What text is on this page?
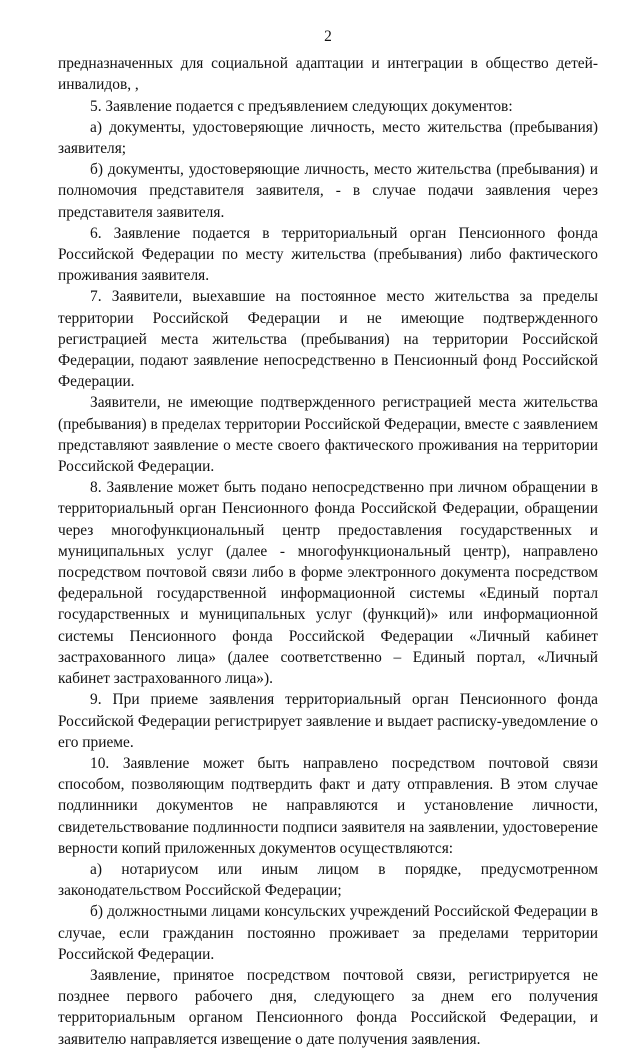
2

предназначенных для социальной адаптации и интеграции в общество детей-инвалидов, ,

5. Заявление подается с предъявлением следующих документов:

а) документы, удостоверяющие личность, место жительства (пребывания) заявителя;

б) документы, удостоверяющие личность, место жительства (пребывания) и полномочия представителя заявителя, - в случае подачи заявления через представителя заявителя.

6. Заявление подается в территориальный орган Пенсионного фонда Российской Федерации по месту жительства (пребывания) либо фактического проживания заявителя.

7. Заявители, выехавшие на постоянное место жительства за пределы территории Российской Федерации и не имеющие подтвержденного регистрацией места жительства (пребывания) на территории Российской Федерации, подают заявление непосредственно в Пенсионный фонд Российской Федерации.

Заявители, не имеющие подтвержденного регистрацией места жительства (пребывания) в пределах территории Российской Федерации, вместе с заявлением представляют заявление о месте своего фактического проживания на территории Российской Федерации.

8. Заявление может быть подано непосредственно при личном обращении в территориальный орган Пенсионного фонда Российской Федерации, обращении через многофункциональный центр предоставления государственных и муниципальных услуг (далее - многофункциональный центр), направлено посредством почтовой связи либо в форме электронного документа посредством федеральной государственной информационной системы «Единый портал государственных и муниципальных услуг (функций)» или информационной системы Пенсионного фонда Российской Федерации «Личный кабинет застрахованного лица» (далее соответственно – Единый портал, «Личный кабинет застрахованного лица»).

9. При приеме заявления территориальный орган Пенсионного фонда Российской Федерации регистрирует заявление и выдает расписку-уведомление о его приеме.

10. Заявление может быть направлено посредством почтовой связи способом, позволяющим подтвердить факт и дату отправления. В этом случае подлинники документов не направляются и установление личности, свидетельствование подлинности подписи заявителя на заявлении, удостоверение верности копий приложенных документов осуществляются:

а) нотариусом или иным лицом в порядке, предусмотренном законодательством Российской Федерации;

б) должностными лицами консульских учреждений Российской Федерации в случае, если гражданин постоянно проживает за пределами территории Российской Федерации.

Заявление, принятое посредством почтовой связи, регистрируется не позднее первого рабочего дня, следующего за днем его получения территориальным органом Пенсионного фонда Российской Федерации, и заявителю направляется извещение о дате получения заявления.
